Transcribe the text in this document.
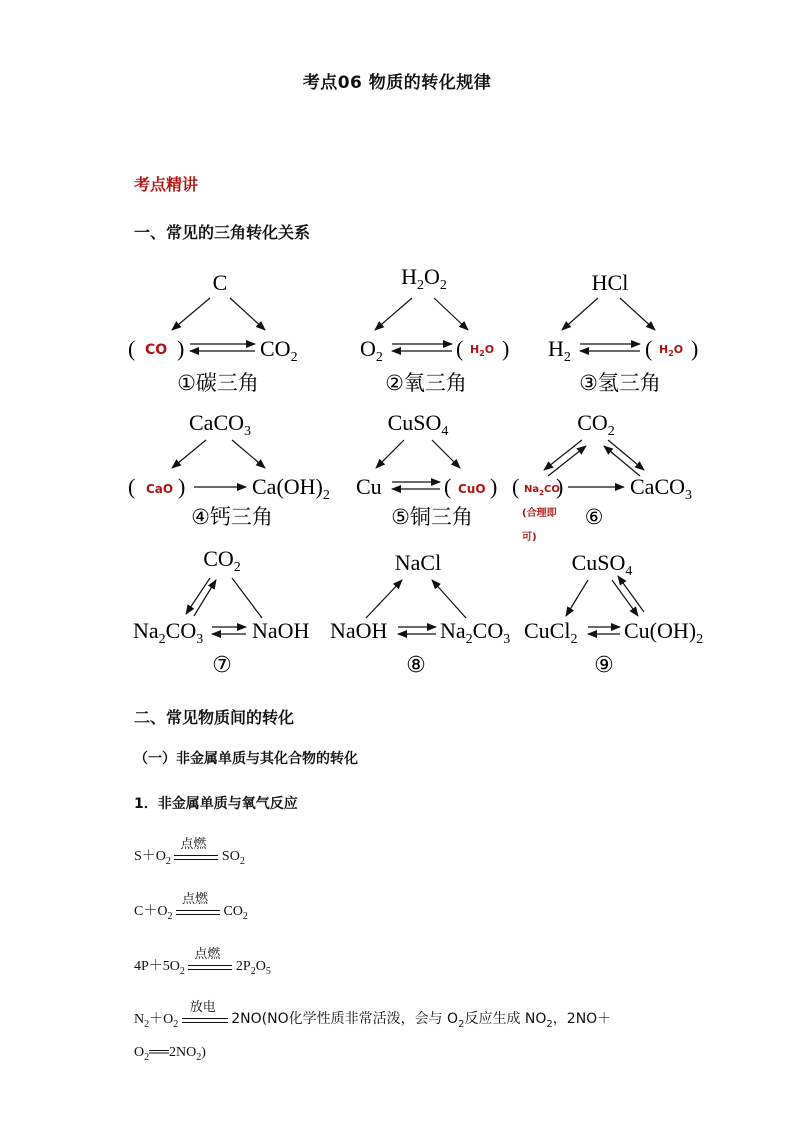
考点06 物质的转化规律
考点精讲
一、常见的三角转化关系
C
( CO )	$CO_2$
①碳三角
$H_2O_2$
$O_2$	( $H_2O$ )
②氧三角
HCl
$H_2$	( $H_2O$ )
③氢三角
CaCO$_3$
( CaO )	$Ca(OH)_2$
④钙三角
CuSO$_4$
Cu	( CuO )
⑤铜三角
$CO_2$
( $Na_2CO$
)	CaCO$_3$
(合理即
可)
⑥
$CO_2$
$Na_2CO_3$ NaOH
⑦
NaCl
NaOH $Na_2CO_3$
⑧
CuSO$_4$
CuCl$_2$ $Cu(OH)_2$
⑨
二、常见物质间的转化
（一）非金属单质与其化合物的转化
1．非金属单质与氧气反应
$S+O_2$
点燃
$SO_2$
$C+O_2$
点燃
$CO_2$
$4P+5O_2$
点燃
$2P_2O_5$
$N_2+O_2$
放电
2NO(NO化学性质非常活泼，会与 $O_2$反应生成 $NO_2$，2NO＋
$O_2══2NO_2$)
